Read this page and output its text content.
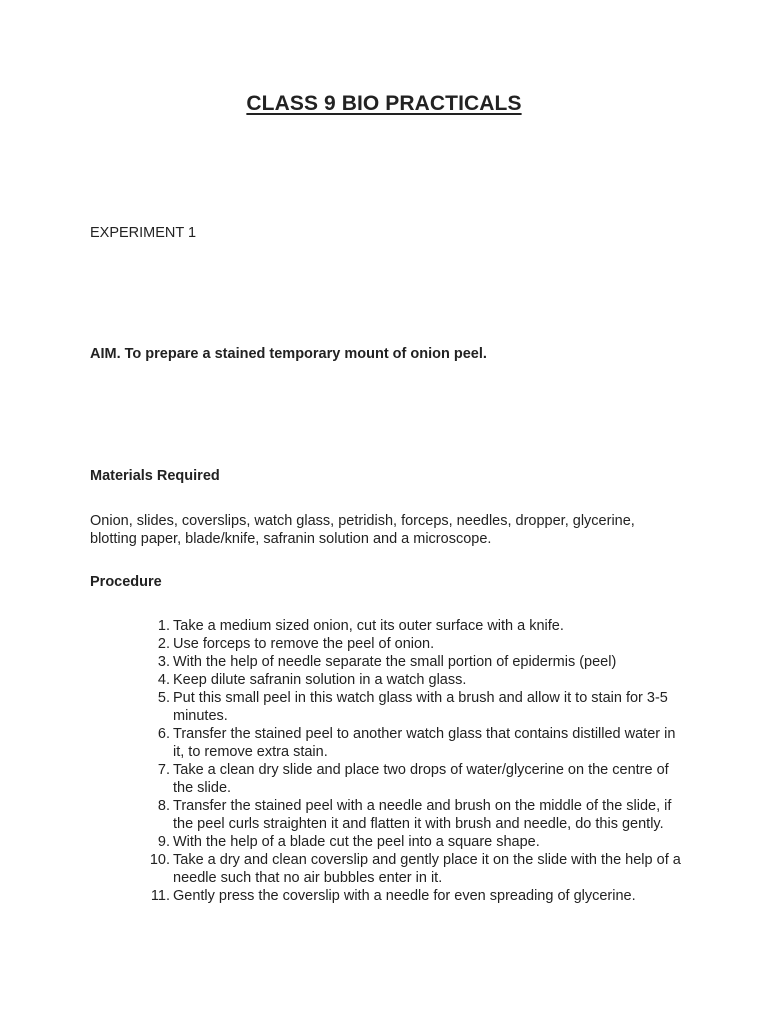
CLASS 9 BIO PRACTICALS
EXPERIMENT 1
AIM. To prepare a stained temporary mount of onion peel.
Materials Required
Onion, slides, coverslips, watch glass, petridish, forceps, needles, dropper, glycerine, blotting paper, blade/knife, safranin solution and a microscope.
Procedure
1. Take a medium sized onion, cut its outer surface with a knife.
2. Use forceps to remove the peel of onion.
3. With the help of needle separate the small portion of epidermis (peel)
4. Keep dilute safranin solution in a watch glass.
5. Put this small peel in this watch glass with a brush and allow it to stain for 3-5 minutes.
6. Transfer the stained peel to another watch glass that contains distilled water in it, to remove extra stain.
7. Take a clean dry slide and place two drops of water/glycerine on the centre of the slide.
8. Transfer the stained peel with a needle and brush on the middle of the slide, if the peel curls straighten it and flatten it with brush and needle, do this gently.
9. With the help of a blade cut the peel into a square shape.
10. Take a dry and clean coverslip and gently place it on the slide with the help of a needle such that no air bubbles enter in it.
11. Gently press the coverslip with a needle for even spreading of glycerine.
